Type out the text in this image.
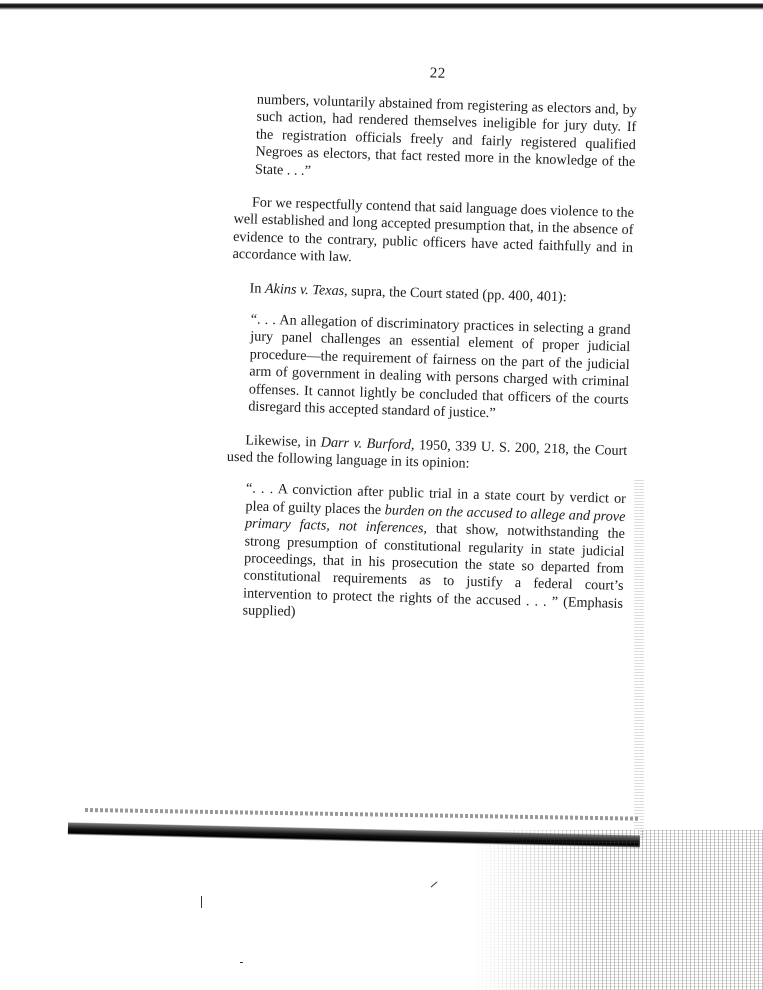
22

numbers, voluntarily abstained from registering as electors and, by such action, had rendered themselves ineligible for jury duty. If the registration officials freely and fairly registered qualified Negroes as electors, that fact rested more in the knowledge of the State . . .”

For we respectfully contend that said language does violence to the well established and long accepted presumption that, in the absence of evidence to the contrary, public officers have acted faithfully and in accordance with law.

In Akins v. Texas, supra, the Court stated (pp. 400, 401):

“. . . An allegation of discriminatory practices in selecting a grand jury panel challenges an essential element of proper judicial procedure—the requirement of fairness on the part of the judicial arm of government in dealing with persons charged with criminal offenses. It cannot lightly be concluded that officers of the courts disregard this accepted standard of justice.”

Likewise, in Darr v. Burford, 1950, 339 U. S. 200, 218, the Court used the following language in its opinion:

“. . . A conviction after public trial in a state court by verdict or plea of guilty places the burden on the accused to allege and prove primary facts, not inferences, that show, notwithstanding the strong presumption of constitutional regularity in state judicial proceedings, that in his prosecution the state so departed from constitutional requirements as to justify a federal court’s intervention to protect the rights of the accused . . . ” (Emphasis supplied)
